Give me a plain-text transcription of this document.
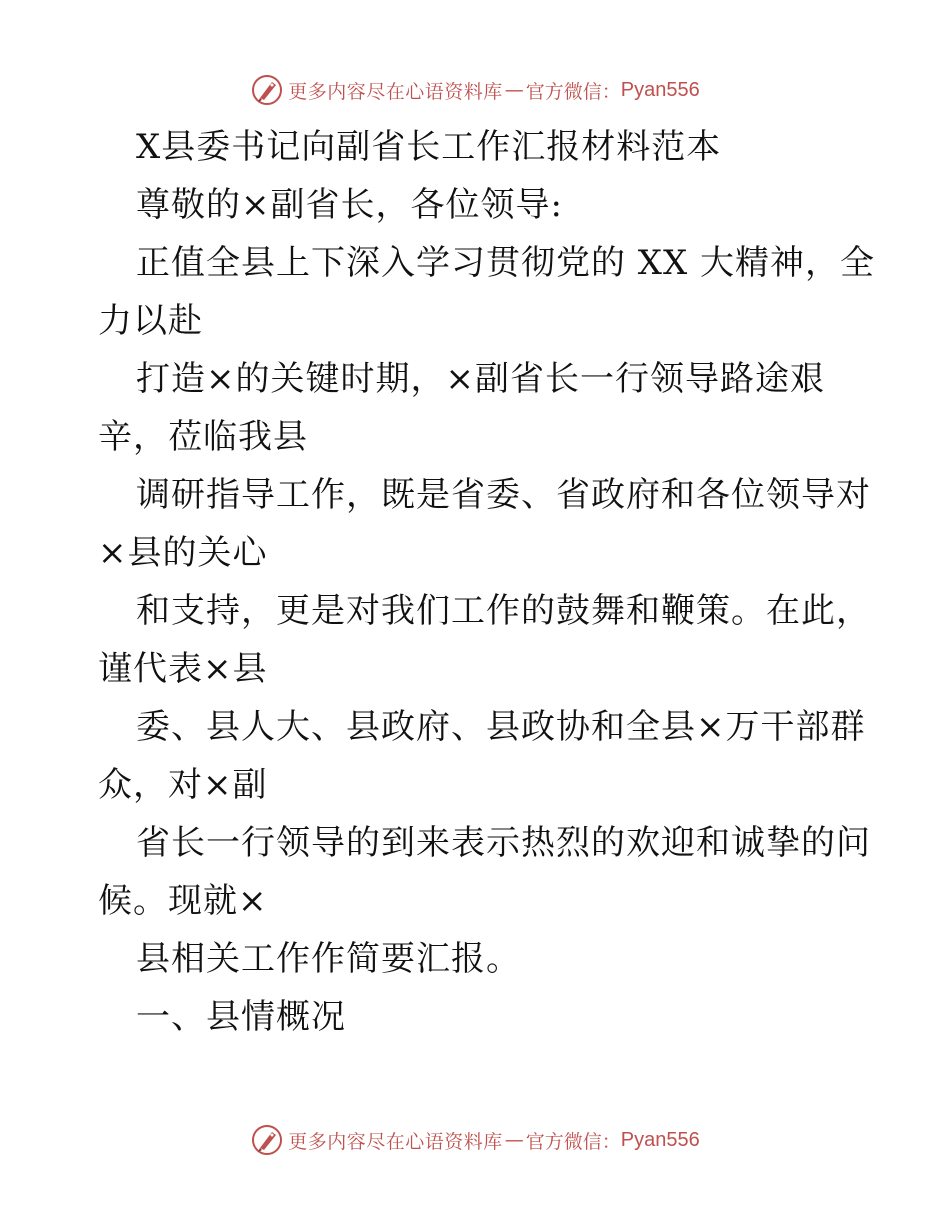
更多内容尽在心语资料库 — 官方微信： Pyan556
X县委书记向副省长工作汇报材料范本
尊敬的×副省长，各位领导:
正值全县上下深入学习贯彻党的 XX 大精神，全
力以赴
打造×的关键时期，×副省长一行领导路途艰
辛，莅临我县
调研指导工作，既是省委、省政府和各位领导对
×县的关心
和支持，更是对我们工作的鼓舞和鞭策。在此，
谨代表×县
委、县人大、县政府、县政协和全县×万干部群
众，对×副
省长一行领导的到来表示热烈的欢迎和诚挚的问
候。现就×
县相关工作作简要汇报。
一、县情概况
更多内容尽在心语资料库 — 官方微信： Pyan556
